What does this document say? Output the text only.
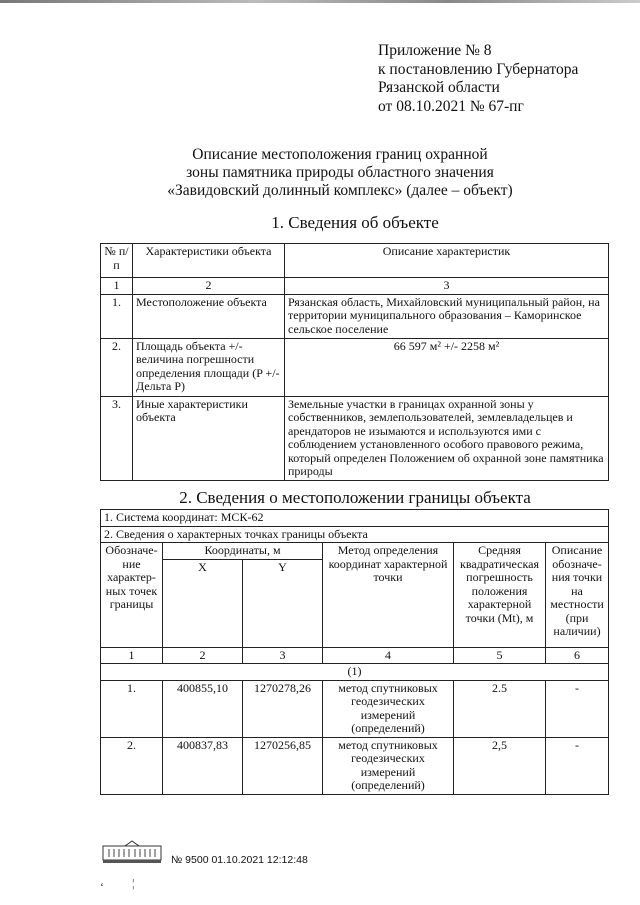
Приложение № 8
к постановлению Губернатора
Рязанской области
от 08.10.2021 № 67-пг
Описание местоположения границ охранной
зоны памятника природы областного значения
«Завидовский долинный комплекс» (далее – объект)
1. Сведения об объекте
№ п/п	Характеристики объекта	Описание характеристик
1	2	3
1.	Местоположение объекта	Рязанская область, Михайловский муниципальный район, на территории муниципального образования – Каморинское сельское поселение
2.	Площадь объекта +/- величина погрешности определения площади (P +/- Дельта P)	66 597 м² +/- 2258 м²
3.	Иные характеристики объекта	Земельные участки в границах охранной зоны у собственников, землепользователей, землевладельцев и арендаторов не изымаются и используются ими с соблюдением установленного особого правового режима, который определен Положением об охранной зоне памятника природы
2. Сведения о местоположении границы объекта
1. Система координат: МСК-62					
2. Сведения о характерных точках границы объекта					
Обозначе-ние характер-ных точек границы	Координаты, м		Метод определения координат характерной точки	Средняя квадратическая погрешность положения характерной точки (Mt), м	Описание обозначе-ния точки на местности (при наличии)
	X	Y			
1	2	3	4	5	6
(1)					
1.	400855,10	1270278,26	метод спутниковых геодезических измерений (определений)	2.5	-
2.	400837,83	1270256,85	метод спутниковых геодезических измерений (определений)	2,5	-
№ 9500 01.10.2021 12:12:48
‘ ¦
